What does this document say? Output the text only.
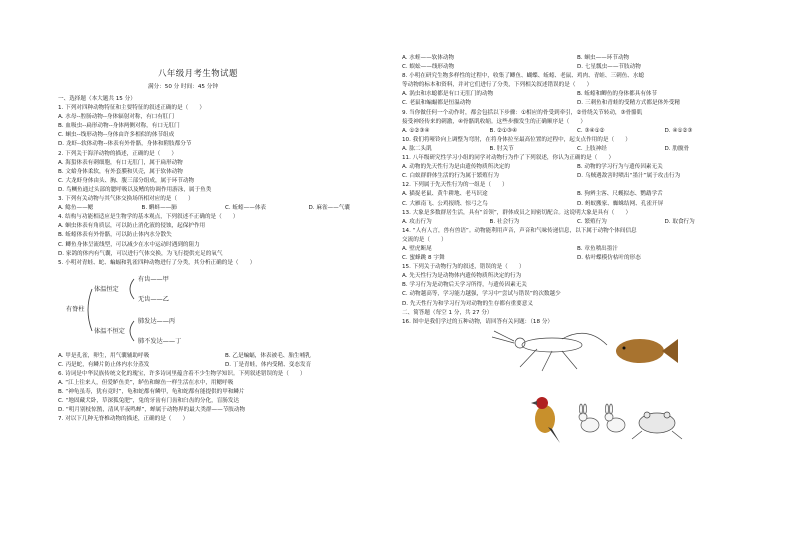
八年级月考生物试题
满分：50 分 时间：45 分钟
一、选择题（本大题共 15 分）
1. 下列对四种动物特征和主要特征的叙述正确的是（　　）
A. 水母--腔肠动物--身体辐射对称，有口有肛门
B. 血吸虫--扁形动物--身体两侧对称，有口无肛门
C. 蛔虫--线形动物--身体由许多相似的体节组成
D. 龙虾--软体动物--体表有外骨骼，身体和附肢都分节
2. 下列关于海洋动物的描述，正确的是（　　）
A. 海蜇体表有刺细胞，有口无肛门，属于扁形动物
B. 文蛤身体柔软，有外套膜和贝壳，属于软体动物
C. 大龙虾身体由头、胸、腹三部分组成，属于环节动物
D. 鸟鲗鱼通过头部的腮呼吸以及鳍的协调作用游泳，属于鱼类
3. 下列有关动物与其气体交换场所相对应的是（　　）
A. 鲶鱼——鳃	B. 蝌蚪——肺	C. 蚯蚓——体表	D. 麻雀——气囊
4. 结构与功能相适应是生物学的基本观点，下列叙述不正确的是（　　）
A. 蛔虫体表有角质层，可以防止消化液的侵蚀，起保护作用
B. 蚯蚓体表有外骨骼，可以防止体内水分散失
C. 鲫鱼身体呈流线型，可以减少在水中运动时遇到的阻力
D. 家鸽的体内有气囊，可以进行气体交换，为飞行提供充足的氧气
5. 小明对青蛙、蛇、蝙蝠和乳雀四种动物进行了分类，其分析正确的是（　　）
有脊柱
体温恒定
体温不恒定
有齿——甲
无齿——乙
肺发达——丙
肺不发达——丁
A. 甲是孔雀，卵生，用气囊辅助呼吸	B. 乙是蝙蝠，体表被毛、胎生哺乳
C. 丙是蛇，有鳞片防止体内水分蒸发	D. 丁是青蛙，体内受精、变态发育
6. 诗词是中华民族传统文化的瑰宝，许多诗词里蕴含着不少生物学知识。下列叙述错误的是（　　）
A. “江上往来人，但爱鲈鱼美”，鲈鱼和鲸鱼一样生活在水中，用鳃呼吸
B. “神龟虽寿，犹有竟时”，龟和蛇都有鳞甲，龟和蛇都有能提供的甲和鳞片
C. “地固藏犬卧，草深狐兔肥”，兔的牙齿有门齿和臼齿的分化，盲肠发达
D. “明月别枝惊鹊，清风半夜鸣蝉”，蝉属于动物界的最大类群——节肢动物
7. 对以下几种无脊椎动物的描述，正确的是（　　）
A. 水蛭——软体动物	B. 蛔虫——环节动物
C. 蜈蚣——线形动物	D. 七星瓢虫——节肢动物
8. 小明在研究生物多样性的过程中，收集了鲫鱼、蝴蝶、蚯蚓、老鼠、鸡肉、青蛙、三刺鱼、水螅
等动物的标本和资料，并对它们进行了分类，下列相关叙述错误的是（　　）
A. 涡虫和水螅都是有口无肛门的动物	B. 蚯蚓和鲫鱼的身体都具有体节
C. 老鼠和蝙蝠都是恒温动物	D. 三刺鱼和青蛙的受精方式都是体外受精
9. 当你做任何一个动作时，都会包括以下步骤：①相应的骨受到牵引，②骨绕关节转动，③骨骼肌
接受神经传来的刺激，④骨骼肌收缩。这些步骤发生的正确顺序是（　　）
A. ①②③④	B. ②①③④	C. ③④①②	D. ④①②③
10. 我们将哑铃向上调整为弯肘，在将身体拉至最高位置的过程中，起支点作用的是（　　）
A. 肱二头肌	B. 肘关节	C. 上肢神经	D. 肋髋骨
11. 八年级研究性学习小组的同学对动物行为作了下列叙述，你认为正确的是（　　）
A. 动物的先天性行为是由遗传物质所决定的	B. 动物的学习行为与遗传因素无关
C. 白蚁群群体生活的行为属于繁殖行为	D. 乌贼遇敌害时喷出“墨汁”属于攻击行为
12. 下列属于先天性行为的一组是（　　）
A. 猫捉老鼠、黄牛耕地、老马识途	B. 狗辨主客、尺蠖拟态、鹦鹉学舌
C. 大雁南飞、公鸡报晓、惊弓之鸟	D. 蚂蚁搬家、蜘蛛结网、孔雀开屏
13. 大象是多数群居生活，具有“首领”，群体成员之间密切配合。这说明大象是具有（　　）
A. 攻击行为	B. 社会行为	C. 繁殖行为	D. 取食行为
14. “人有人言，兽有兽语”。动物能利用声音，声音和气味传递信息，以下属于动物个体间信息
交流的是（　　）
A. 壁虎断尾	B. 章鱼喷出墨汁
C. 蜜蜂跳 8 字舞	D. 枯叶蝶模仿枯叶的形态
15. 下列关于动物行为的叙述，错误的是（　　）
A. 先天性行为是动物体内遗传物质所决定的行为
B. 学习行为是动物后天学习所得，与遗传因素无关
C. 动物越高等，学习能力越强，学习中“尝试与错误”的次数越少
D. 先天性行为和学习行为对动物的生存都有重要意义
二、简答题（每空 1 分，共 27 分）
16. 图中是我们学过的五种动物，请回答有关问题：（18 分）
